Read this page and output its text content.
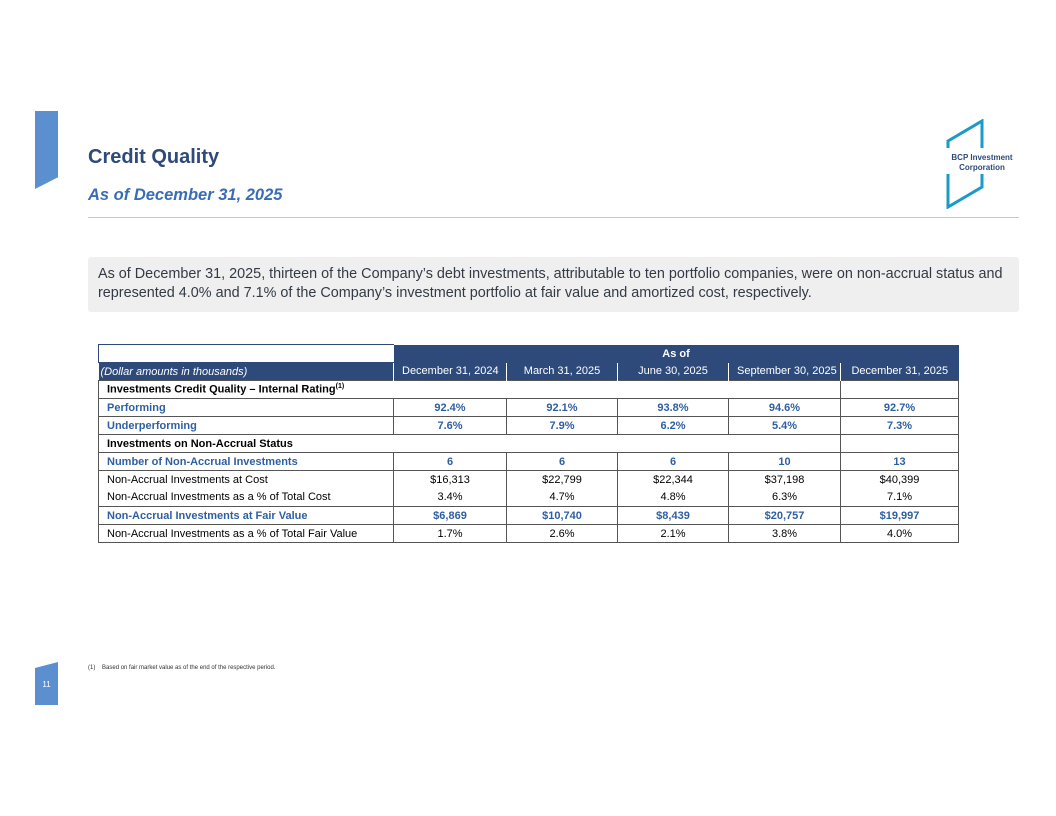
11
Credit Quality
As of December 31, 2025
BCP Investment
Corporation
As of December 31, 2025, thirteen of the Company’s debt investments, attributable to ten portfolio companies, were on non-accrual status and represented 4.0% and 7.1% of the Company’s investment portfolio at fair value and amortized cost, respectively.
	As of				
(Dollar amounts in thousands)	December 31, 2024	March 31, 2025	June 30, 2025	September 30, 2025	December 31, 2025
Investments Credit Quality – Internal Rating$^{(1)}$	
Performing	92.4%	92.1%	93.8%	94.6%	92.7%
Underperforming	7.6%	7.9%	6.2%	5.4%	7.3%
Investments on Non-Accrual Status					
Number of Non-Accrual Investments	6	6	6	10	13
Non-Accrual Investments at Cost	$16,313	$22,799	$22,344	$37,198	$40,399
Non-Accrual Investments as a % of Total Cost	3.4%	4.7%	4.8%	6.3%	7.1%
Non-Accrual Investments at Fair Value	$6,869	$10,740	$8,439	$20,757	$19,997
Non-Accrual Investments as a % of Total Fair Value	1.7%	2.6%	2.1%	3.8%	4.0%
(1) Based on fair market value as of the end of the respective period.
